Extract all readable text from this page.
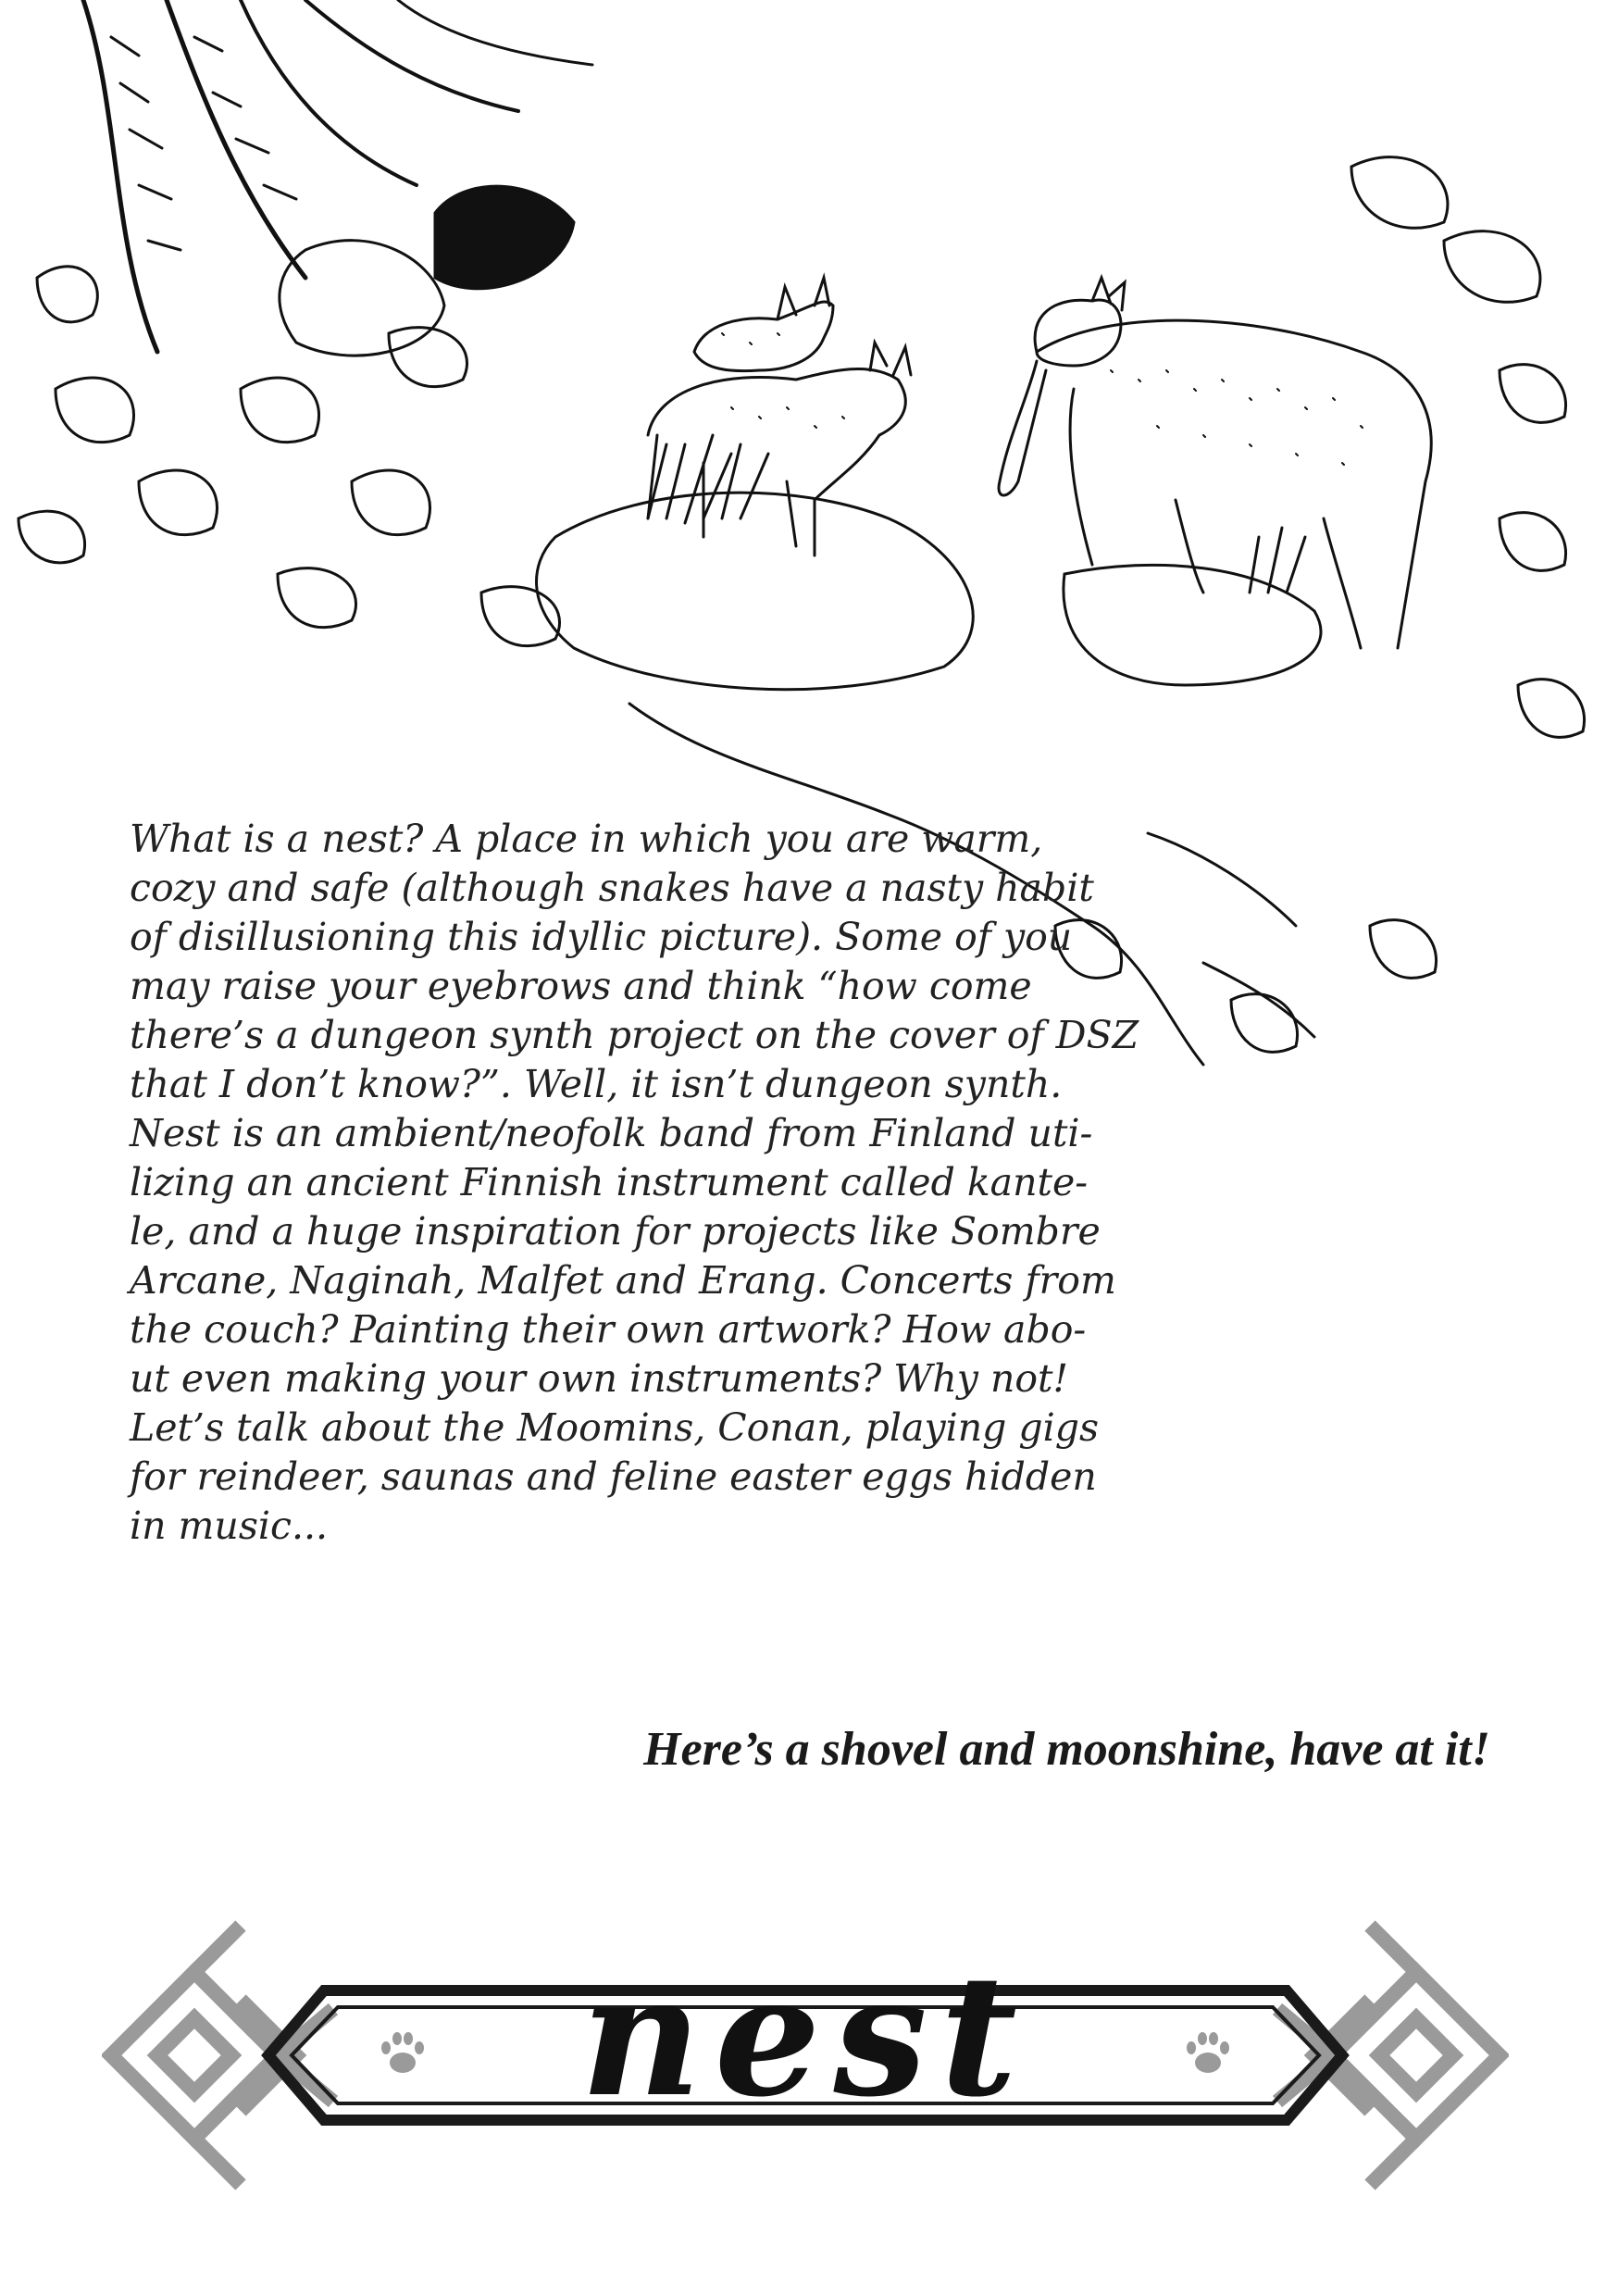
What is a nest? A place in which you are warm,
cozy and safe (although snakes have a nasty habit
of disillusioning this idyllic picture). Some of you
may raise your eyebrows and think “how come
there’s a dungeon synth project on the cover of DSZ
that I don’t know?”. Well, it isn’t dungeon synth.
Nest is an ambient/neofolk band from Finland uti-
lizing an ancient Finnish instrument called kante-
le, and a huge inspiration for projects like Sombre
Arcane, Naginah, Malfet and Erang. Concerts from
the couch? Painting their own artwork? How abo-
ut even making your own instruments? Why not!
Let’s talk about the Moomins, Conan, playing gigs
for reindeer, saunas and feline easter eggs hidden
in music...

Here’s a shovel and moonshine, have at it!

nest
